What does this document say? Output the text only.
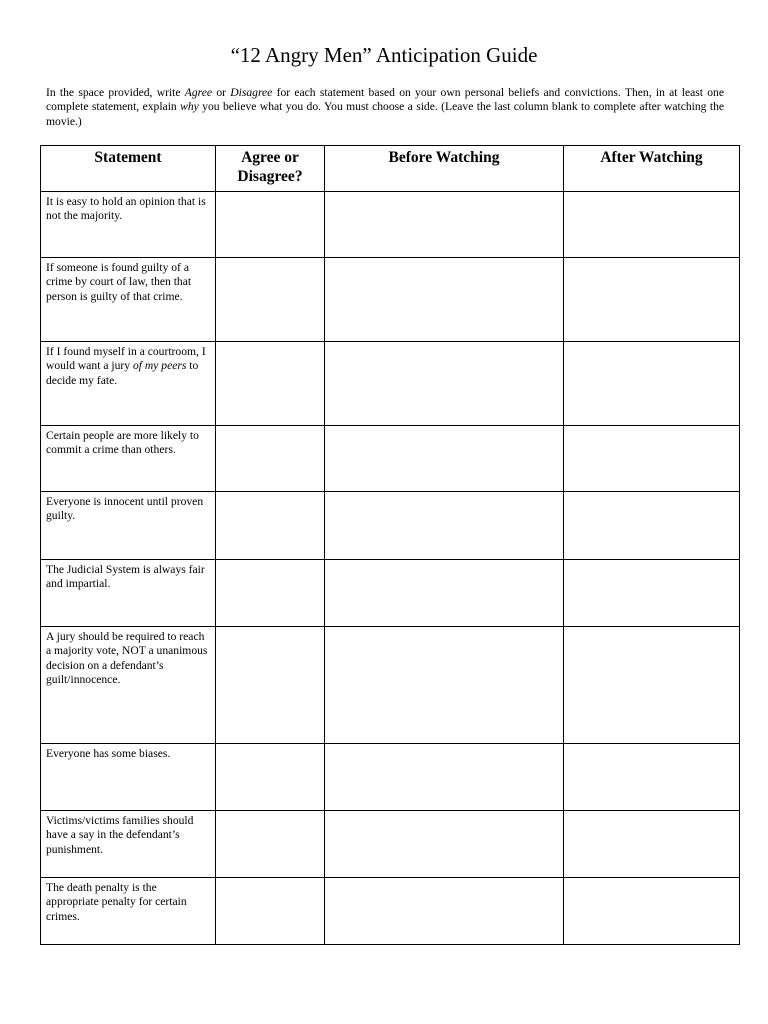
“12 Angry Men” Anticipation Guide
In the space provided, write Agree or Disagree for each statement based on your own personal beliefs and convictions. Then, in at least one complete statement, explain why you believe what you do. You must choose a side. (Leave the last column blank to complete after watching the movie.)
Statement	Agree or Disagree?	Before Watching	After Watching
It is easy to hold an opinion that is not the majority.			
If someone is found guilty of a crime by court of law, then that person is guilty of that crime.			
If I found myself in a courtroom, I would want a jury of my peers to decide my fate.			
Certain people are more likely to commit a crime than others.			
Everyone is innocent until proven guilty.			
The Judicial System is always fair and impartial.			
A jury should be required to reach a majority vote, NOT a unanimous decision on a defendant’s guilt/innocence.			
Everyone has some biases.			
Victims/victims families should have a say in the defendant’s punishment.			
The death penalty is the appropriate penalty for certain crimes.			
